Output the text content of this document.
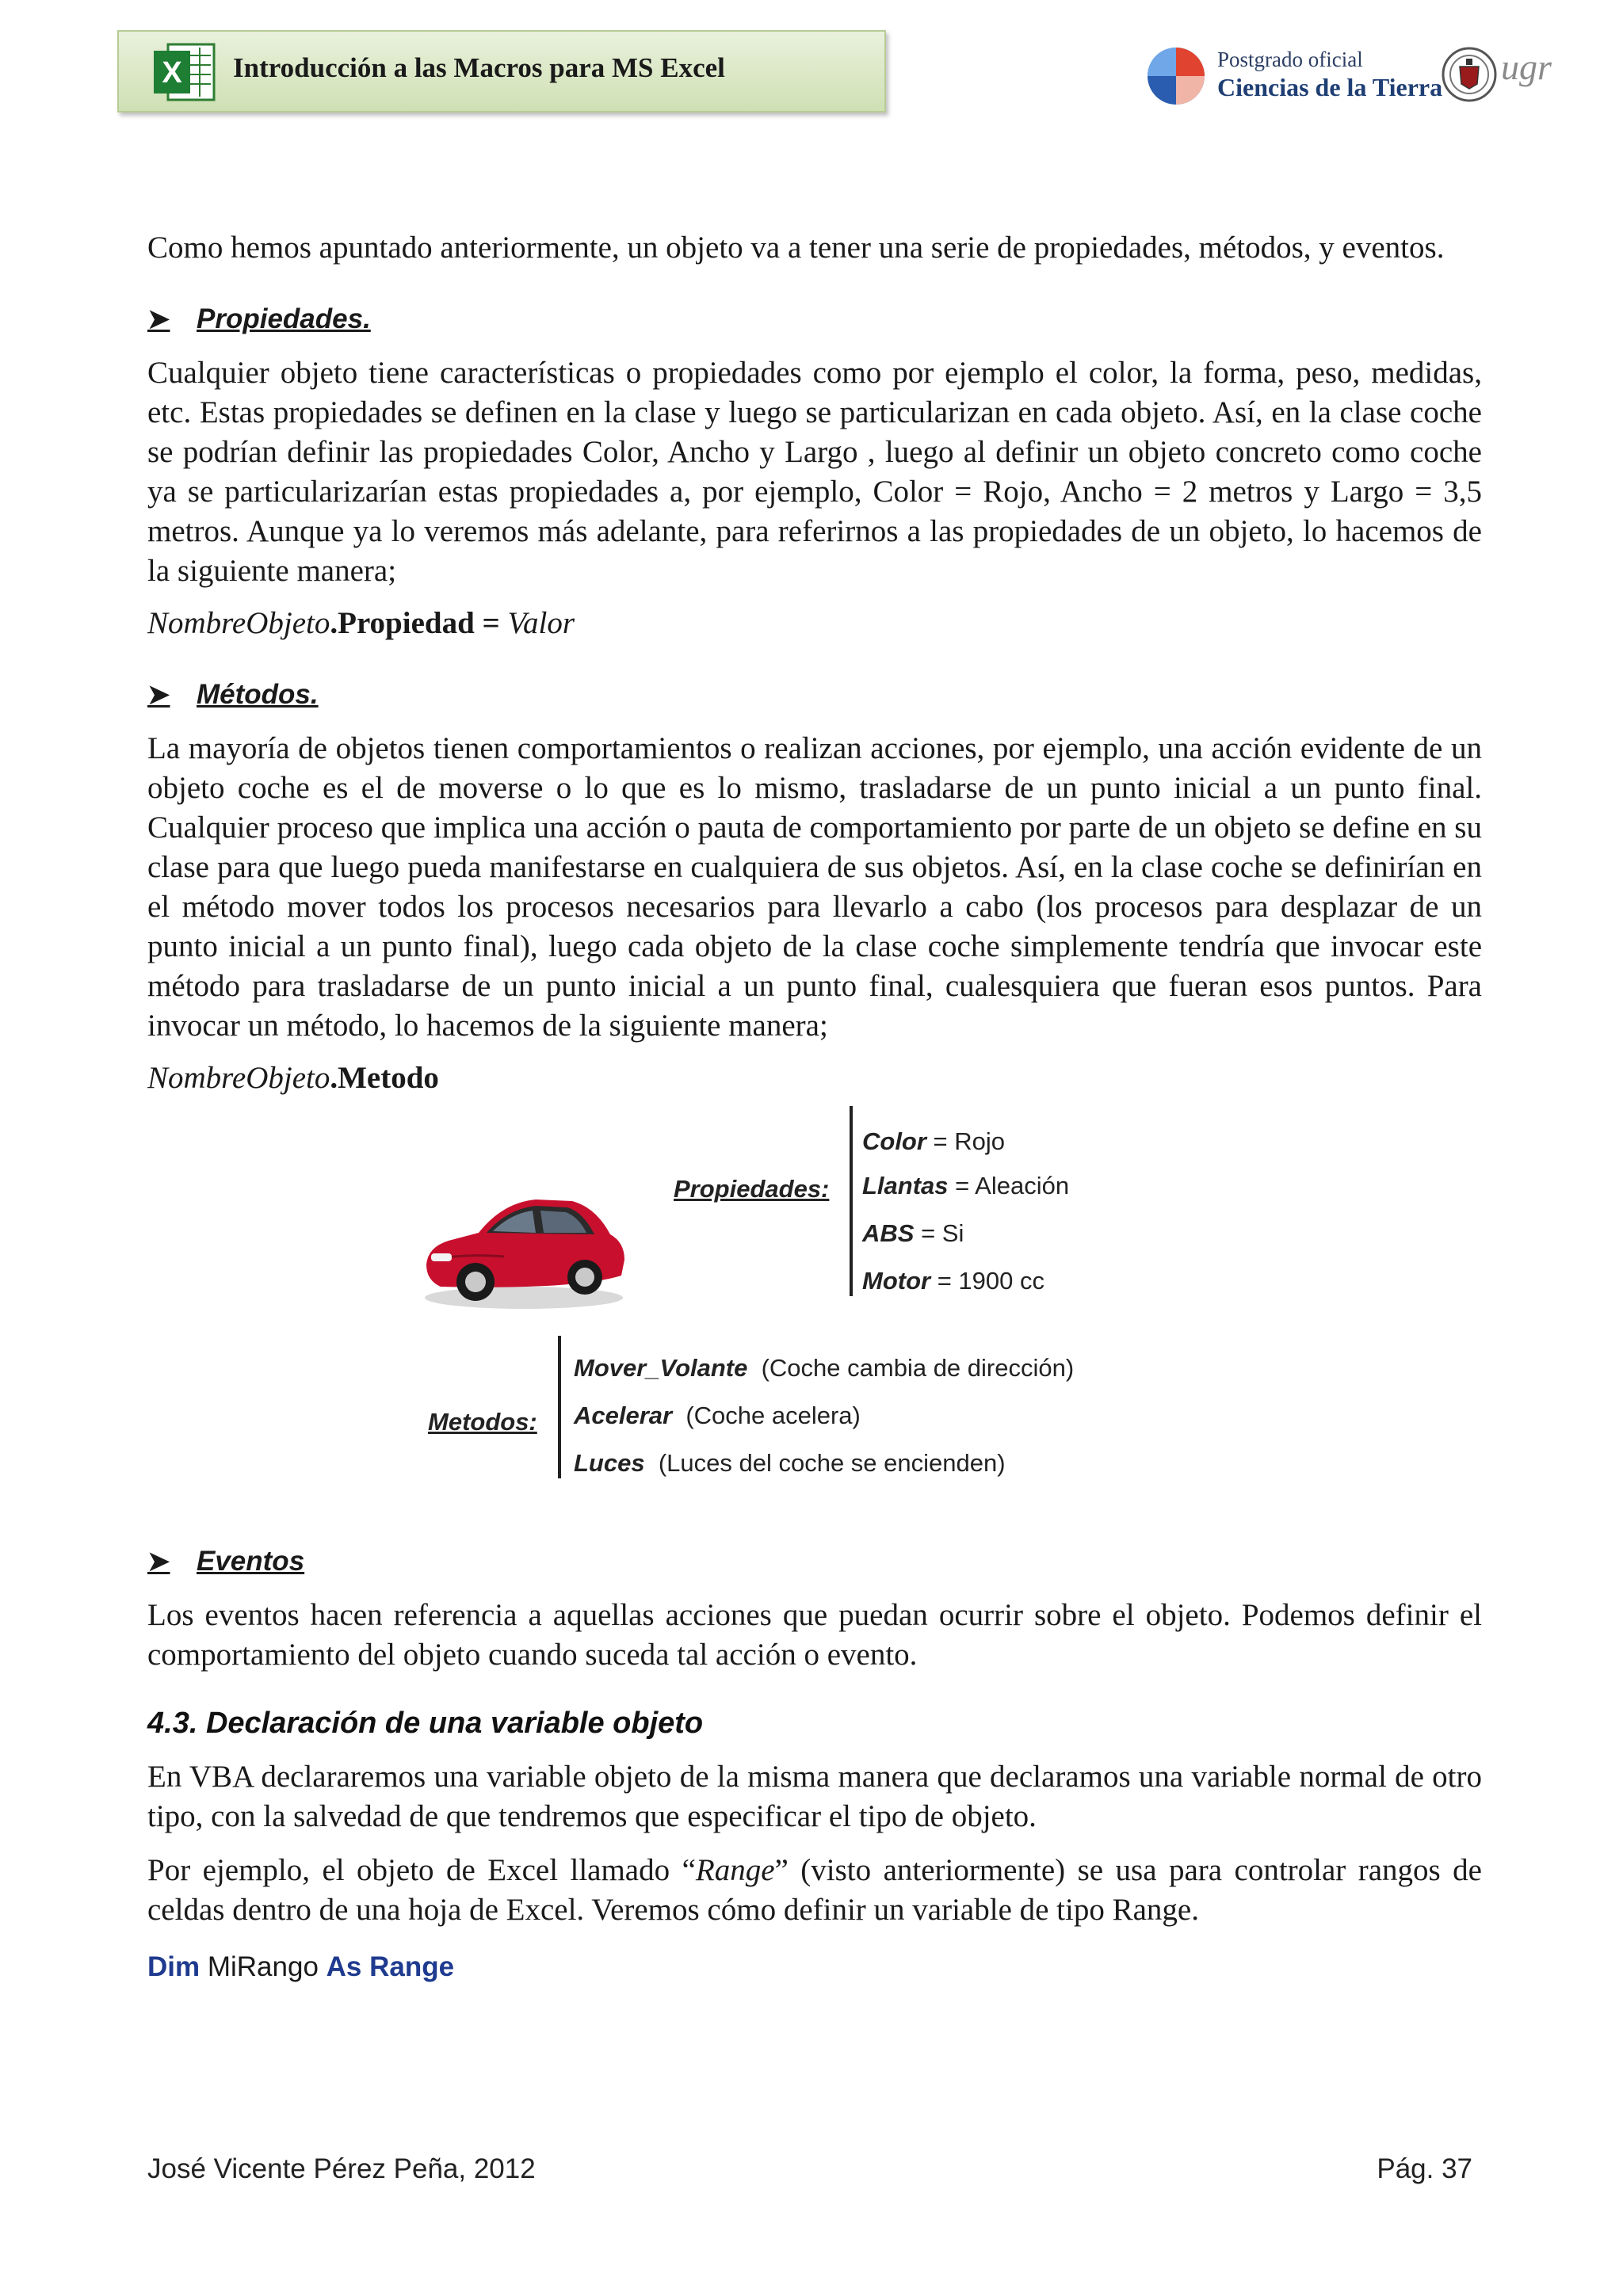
X Introducción a las Macros para MS Excel	Postgrado oficial
Ciencias de la Tierra ugr

Como hemos apuntado anteriormente, un objeto va a tener una serie de propiedades, métodos, y eventos.

➤ Propiedades.

Cualquier objeto tiene características o propiedades como por ejemplo el color, la forma, peso, medidas, etc. Estas propiedades se definen en la clase y luego se particularizan en cada objeto. Así, en la clase coche se podrían definir las propiedades Color, Ancho y Largo , luego al definir un objeto concreto como coche ya se particularizarían estas propiedades a, por ejemplo, Color = Rojo, Ancho = 2 metros y Largo = 3,5 metros. Aunque ya lo veremos más adelante, para referirnos a las propiedades de un objeto, lo hacemos de la siguiente manera;

NombreObjeto.Propiedad = Valor
➤ Métodos.

La mayoría de objetos tienen comportamientos o realizan acciones, por ejemplo, una acción evidente de un objeto coche es el de moverse o lo que es lo mismo, trasladarse de un punto inicial a un punto final. Cualquier proceso que implica una acción o pauta de comportamiento por parte de un objeto se define en su clase para que luego pueda manifestarse en cualquiera de sus objetos. Así, en la clase coche se definirían en el método mover todos los procesos necesarios para llevarlo a cabo (los procesos para desplazar de un punto inicial a un punto final), luego cada objeto de la clase coche simplemente tendría que invocar este método para trasladarse de un punto inicial a un punto final, cualesquiera que fueran esos puntos. Para invocar un método, lo hacemos de la siguiente manera;

NombreObjeto.Metodo
Propiedades:
Color = Rojo
Llantas = Aleación
ABS = Si
Motor = 1900 cc
Metodos:
Mover_Volante  (Coche cambia de dirección)
Acelerar  (Coche acelera)
Luces  (Luces del coche se encienden)
➤ Eventos

Los eventos hacen referencia a aquellas acciones que puedan ocurrir sobre el objeto. Podemos definir el comportamiento del objeto cuando suceda tal acción o evento.

4.3. Declaración de una variable objeto

En VBA declararemos una variable objeto de la misma manera que declaramos una variable normal de otro tipo, con la salvedad de que tendremos que especificar el tipo de objeto.

Por ejemplo, el objeto de Excel llamado “Range” (visto anteriormente) se usa para controlar rangos de celdas dentro de una hoja de Excel. Veremos cómo definir un variable de tipo Range.

Dim MiRango As Range
José Vicente Pérez Peña, 2012	Pág. 37
